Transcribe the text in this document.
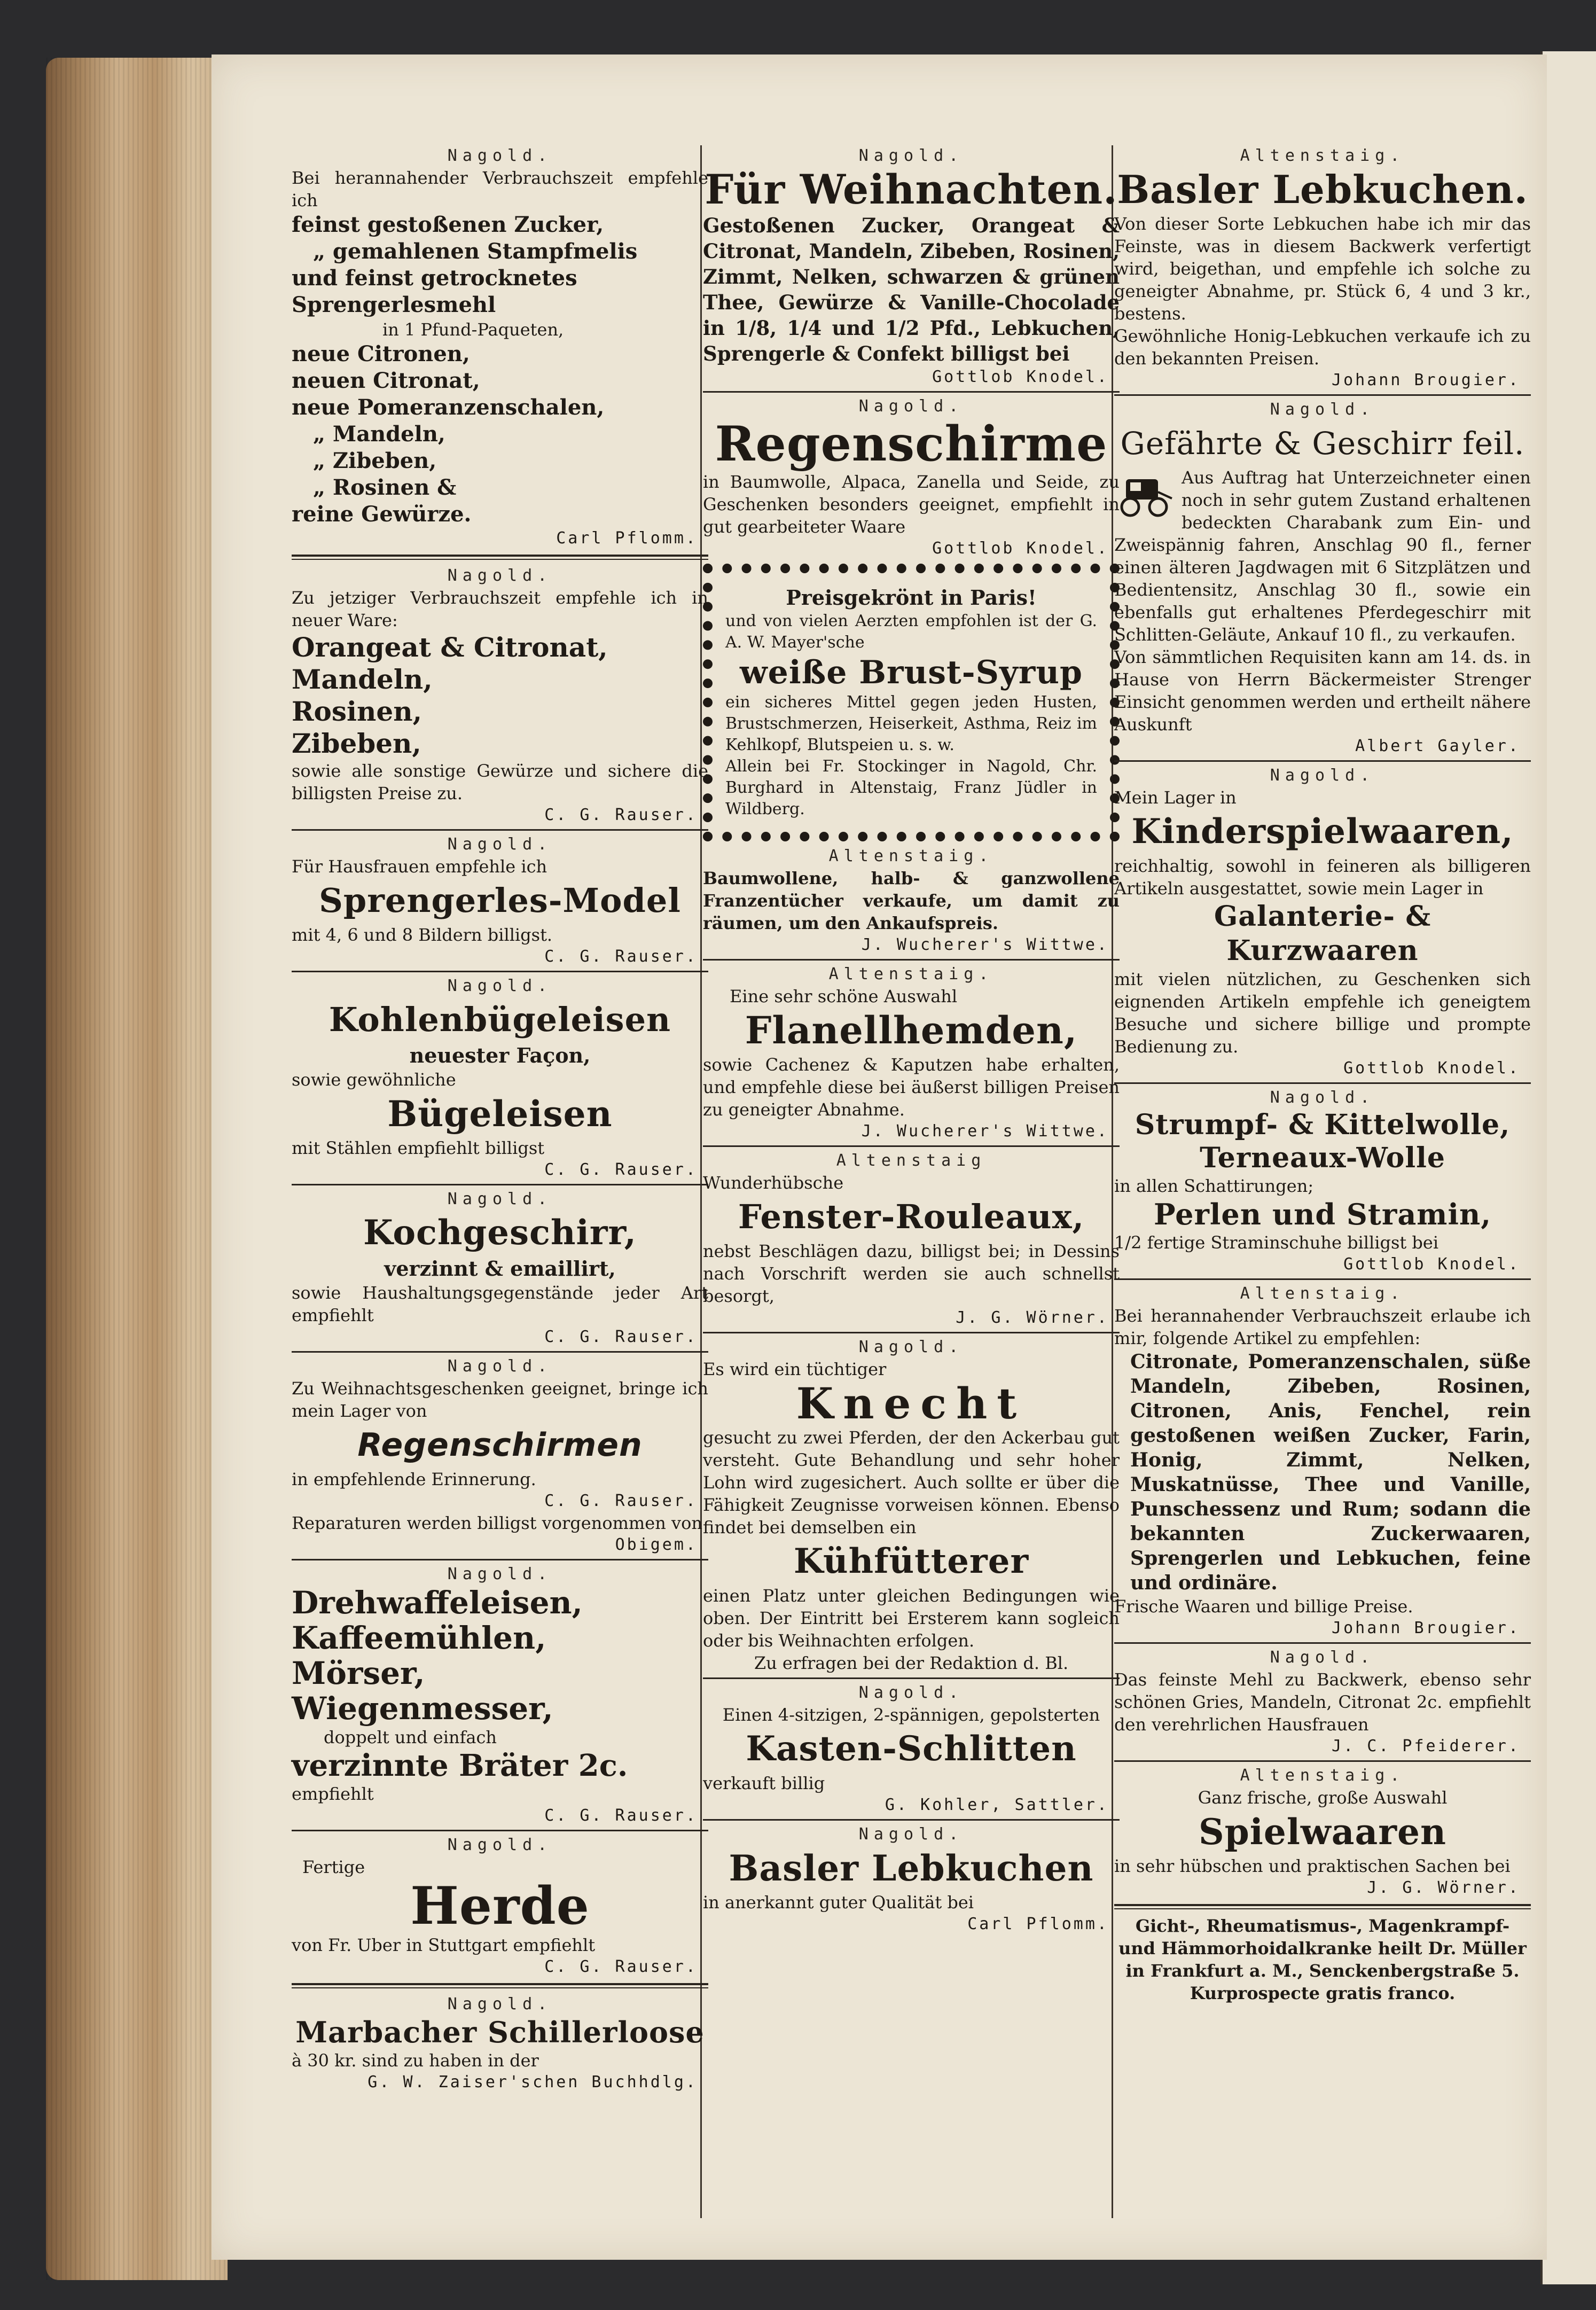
Nagold.

Bei herannahender Verbrauchszeit empfehle ich

feinst gestoßenen Zucker,

„ gemahlenen Stampfmelis

und feinst getrocknetes Sprengerlesmehl

in 1 Pfund-Paqueten,

neue Citronen,

neuen Citronat,

neue Pomeranzenschalen,

„ Mandeln,

„ Zibeben,

„ Rosinen &

reine Gewürze.

Carl Pflomm.
Nagold.

Zu jetziger Verbrauchszeit empfehle ich in neuer Ware:

Orangeat & Citronat,
Mandeln,
Rosinen,
Zibeben,

sowie alle sonstige Gewürze und sichere die billigsten Preise zu.

C. G. Rauser.
Nagold.

Für Hausfrauen empfehle ich

Sprengerles-Model

mit 4, 6 und 8 Bildern billigst.

C. G. Rauser.
Nagold.
Kohlenbügeleisen

neuester Façon,

sowie gewöhnliche

Bügeleisen

mit Stählen empfiehlt billigst

C. G. Rauser.
Nagold.
Kochgeschirr,

verzinnt & emaillirt,

sowie Haushaltungsgegenstände jeder Art empfiehlt

C. G. Rauser.
Nagold.

Zu Weihnachtsgeschenken geeignet, bringe ich mein Lager von

Regenschirmen

in empfehlende Erinnerung.

C. G. Rauser.

Reparaturen werden billigst vorgenommen von

Obigem.
Nagold.
Drehwaffeleisen,
Kaffeemühlen,
Mörser,
Wiegenmesser,

doppelt und einfach

verzinnte Bräter 2c.

empfiehlt

C. G. Rauser.
Nagold.

Fertige

Herde

von Fr. Uber in Stuttgart empfiehlt

C. G. Rauser.
Nagold.
Marbacher Schillerloose

à 30 kr. sind zu haben in der

G. W. Zaiser'schen Buchhdlg.
Nagold.
Für Weihnachten.

Gestoßenen Zucker, Orangeat & Citronat, Mandeln, Zibeben, Rosinen, Zimmt, Nelken, schwarzen & grünen Thee, Gewürze & Vanille-Chocolade in 1/8, 1/4 und 1/2 Pfd., Lebkuchen, Sprengerle & Confekt billigst bei

Gottlob Knodel.
Nagold.
Regenschirme

in Baumwolle, Alpaca, Zanella und Seide, zu Geschenken besonders geeignet, empfiehlt in gut gearbeiteter Waare

Gottlob Knodel.

Preisgekrönt in Paris!

und von vielen Aerzten empfohlen ist der G. A. W. Mayer'sche

weiße Brust-Syrup

ein sicheres Mittel gegen jeden Husten, Brustschmerzen, Heiserkeit, Asthma, Reiz im Kehlkopf, Blutspeien u. s. w.

Allein bei Fr. Stockinger in Nagold, Chr. Burghard in Altenstaig, Franz Jüdler in Wildberg.

Altenstaig.

Baumwollene, halb- & ganzwollene Franzentücher verkaufe, um damit zu räumen, um den Ankaufspreis.

J. Wucherer's Wittwe.
Altenstaig.

Eine sehr schöne Auswahl

Flanellhemden,

sowie Cachenez & Kaputzen habe erhalten, und empfehle diese bei äußerst billigen Preisen zu geneigter Abnahme.

J. Wucherer's Wittwe.
Altenstaig

Wunderhübsche

Fenster-Rouleaux,

nebst Beschlägen dazu, billigst bei; in Dessins nach Vorschrift werden sie auch schnellst besorgt,

J. G. Wörner.
Nagold.

Es wird ein tüchtiger

Knecht

gesucht zu zwei Pferden, der den Ackerbau gut versteht. Gute Behandlung und sehr hoher Lohn wird zugesichert. Auch sollte er über die Fähigkeit Zeugnisse vorweisen können. Ebenso findet bei demselben ein

Kühfütterer

einen Platz unter gleichen Bedingungen wie oben. Der Eintritt bei Ersterem kann sogleich oder bis Weihnachten erfolgen.

Zu erfragen bei der Redaktion d. Bl.

Nagold.

Einen 4-sitzigen, 2-spännigen, gepolsterten

Kasten-Schlitten

verkauft billig

G. Kohler, Sattler.
Nagold.
Basler Lebkuchen

in anerkannt guter Qualität bei

Carl Pflomm.
Altenstaig.
Basler Lebkuchen.

Von dieser Sorte Lebkuchen habe ich mir das Feinste, was in diesem Backwerk verfertigt wird, beigethan, und empfehle ich solche zu geneigter Abnahme, pr. Stück 6, 4 und 3 kr., bestens.

Gewöhnliche Honig-Lebkuchen verkaufe ich zu den bekannten Preisen.

Johann Brougier.
Nagold.
Gefährte & Geschirr feil.

Aus Auftrag hat Unterzeichneter einen noch in sehr gutem Zustand erhaltenen bedeckten Charabank zum Ein- und Zweispännig fahren, Anschlag 90 fl., ferner einen älteren Jagdwagen mit 6 Sitzplätzen und Bedientensitz, Anschlag 30 fl., sowie ein ebenfalls gut erhaltenes Pferdegeschirr mit Schlitten-Geläute, Ankauf 10 fl., zu verkaufen.

Von sämmtlichen Requisiten kann am 14. ds. in Hause von Herrn Bäckermeister Strenger Einsicht genommen werden und ertheilt nähere Auskunft

Albert Gayler.
Nagold.

Mein Lager in

Kinderspielwaaren,

reichhaltig, sowohl in feineren als billigeren Artikeln ausgestattet, sowie mein Lager in

Galanterie- & Kurzwaaren

mit vielen nützlichen, zu Geschenken sich eignenden Artikeln empfehle ich geneigtem Besuche und sichere billige und prompte Bedienung zu.

Gottlob Knodel.
Nagold.
Strumpf- & Kittelwolle,
Terneaux-Wolle

in allen Schattirungen;

Perlen und Stramin,

1/2 fertige Straminschuhe billigst bei

Gottlob Knodel.
Altenstaig.

Bei herannahender Verbrauchszeit erlaube ich mir, folgende Artikel zu empfehlen:

Citronate, Pomeranzenschalen, süße Mandeln, Zibeben, Rosinen, Citronen, Anis, Fenchel, rein gestoßenen weißen Zucker, Farin, Honig, Zimmt, Nelken, Muskatnüsse, Thee und Vanille, Punschessenz und Rum; sodann die bekannten Zuckerwaaren, Sprengerlen und Lebkuchen, feine und ordinäre.

Frische Waaren und billige Preise.

Johann Brougier.
Nagold.

Das feinste Mehl zu Backwerk, ebenso sehr schönen Gries, Mandeln, Citronat 2c. empfiehlt den verehrlichen Hausfrauen

J. C. Pfeiderer.
Altenstaig.

Ganz frische, große Auswahl

Spielwaaren

in sehr hübschen und praktischen Sachen bei

J. G. Wörner.

Gicht-, Rheumatismus-, Magenkrampf- und Hämmorhoidalkranke heilt Dr. Müller in Frankfurt a. M., Senckenbergstraße 5. Kurprospecte gratis franco.
